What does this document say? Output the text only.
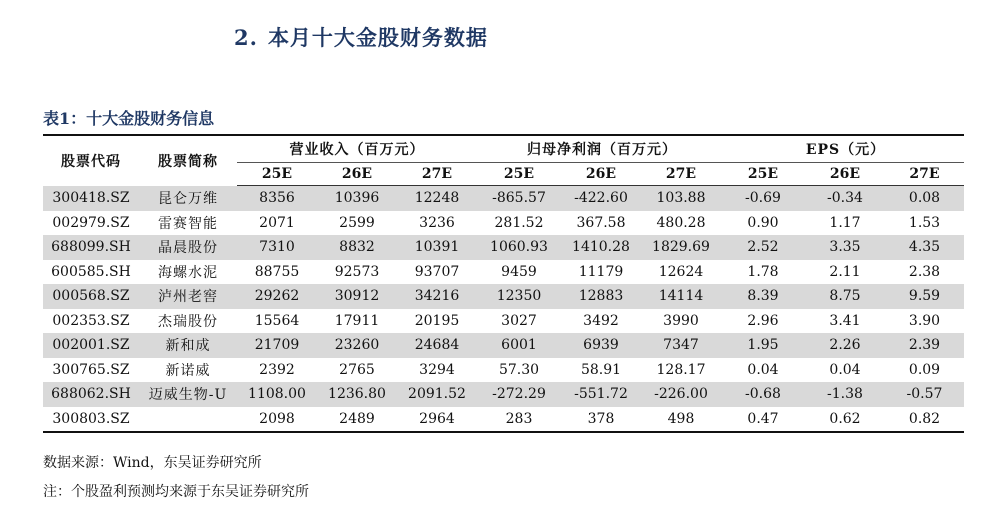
2. 本月十大金股财务数据
表1：十大金股财务信息
股票代码	股票简称	营业收入（百万元）			归母净利润（百万元）			EPS（元）		
		25E	26E	27E	25E	26E	27E	25E	26E	27E
300418.SZ	昆仑万维	8356	10396	12248	-865.57	-422.60	103.88	-0.69	-0.34	0.08
002979.SZ	雷赛智能	2071	2599	3236	281.52	367.58	480.28	0.90	1.17	1.53
688099.SH	晶晨股份	7310	8832	10391	1060.93	1410.28	1829.69	2.52	3.35	4.35
600585.SH	海螺水泥	88755	92573	93707	9459	11179	12624	1.78	2.11	2.38
000568.SZ	泸州老窖	29262	30912	34216	12350	12883	14114	8.39	8.75	9.59
002353.SZ	杰瑞股份	15564	17911	20195	3027	3492	3990	2.96	3.41	3.90
002001.SZ	新和成	21709	23260	24684	6001	6939	7347	1.95	2.26	2.39
300765.SZ	新诺威	2392	2765	3294	57.30	58.91	128.17	0.04	0.04	0.09
688062.SH	迈威生物-U	1108.00	1236.80	2091.52	-272.29	-551.72	-226.00	-0.68	-1.38	-0.57
300803.SZ		2098	2489	2964	283	378	498	0.47	0.62	0.82
数据来源：Wind，东吴证券研究所
注：个股盈利预测均来源于东吴证券研究所
